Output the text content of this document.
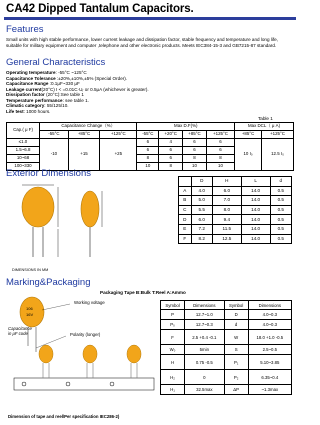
CA42 Dipped Tantalum Capacitors.
Features
Small units with high stable performance, lower current leakage and dissipation factor, stable frequency and temperature and long life, suitable for military equipment and computer ,telephone and other electronic products. Meets IEC384-15-3 and GB7215-87 standard.
General Characteristics
Operating temperature: -55°C ~125°C
Capacitance Tolerance :±20%,±10%,±5% (Special Order).
Capacitance Range :0.1μF~330 μF
Leakage current(20°C) I < =0.01C·Uᵣ or 0.5μA (whichever is greater).
Dissipation factor (20°C):See table 1
Temperature performance: see table 1.
Climatic category: 55/125/10.
Life test: 1000 hours.
Table 1
Cap.( μ F)	Capacitance Change（%）			Max D.F(%)				Max DCL（ μ A)	
	-55°C	+85°C	+125°C	-55°C	+20°C	+85°C	+125°C	+85°C	+125°C
≤1.0	-10	+15	+25	6	4	6	6	10 I₀	12.5 I₀
1.5~6.8				6	6	6	6		
10~68				8	6	8	8		
100~330				10	8	10	10		
Exterior Dimensions
DIMENSIONS IN MM
	D	H	L	d
A	4.0	6.0	14.0	0.5
B	5.0	7.0	14.0	0.5
C	5.5	8.0	14.0	0.5
D	6.0	9.4	14.0	0.5
E	7.2	11.5	14.0	0.5
F	8.2	12.5	14.0	0.5
Marking&Packaging
Packaging Tape B:Bulk T:Reel A:Ammo
106
16V
Working voltage
Polarity (longer)
Capacitance
in μF code
Symbol	Dimensions	Symbol	Dimensions
P	12.7~1.0	D	4.0~0.3
P₀	12.7~0.3	d	4.0~0.3
F	2.5 +0.4 -0.1	W	18.0 +1.0 -0.5
W₀	5min	S	2.5~0.5
H	0.75 -0.5	P₁	5.10~3.85
H₂	0	P₂	6.35~0.4
H₁	32.5max	ΔP	~1.3max
Dimension of tape and reel/Per specification IEC286-2)
